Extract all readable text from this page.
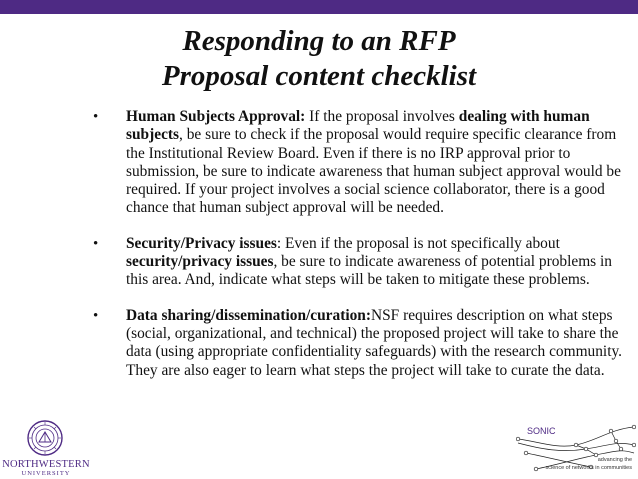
Responding to an RFP
Proposal content checklist
• Human Subjects Approval: If the proposal involves dealing with human subjects, be sure to check if the proposal would require specific clearance from the Institutional Review Board. Even if there is no IRP approval prior to submission, be sure to indicate awareness that human subject approval would be required. If your project involves a social science collaborator, there is a good chance that human subject approval will be needed.
• Security/Privacy issues: Even if the proposal is not specifically about security/privacy issues, be sure to indicate awareness of potential problems in this area. And, indicate what steps will be taken to mitigate these problems.
• Data sharing/dissemination/curation:NSF requires description on what steps (social, organizational, and technical) the proposed project will take to share the data (using appropriate confidentiality safeguards) with the research community. They are also eager to learn what steps the project will take to curate the data.
NORTHWESTERN
UNIVERSITY
SONIC
advancing the
science of networks in communities
